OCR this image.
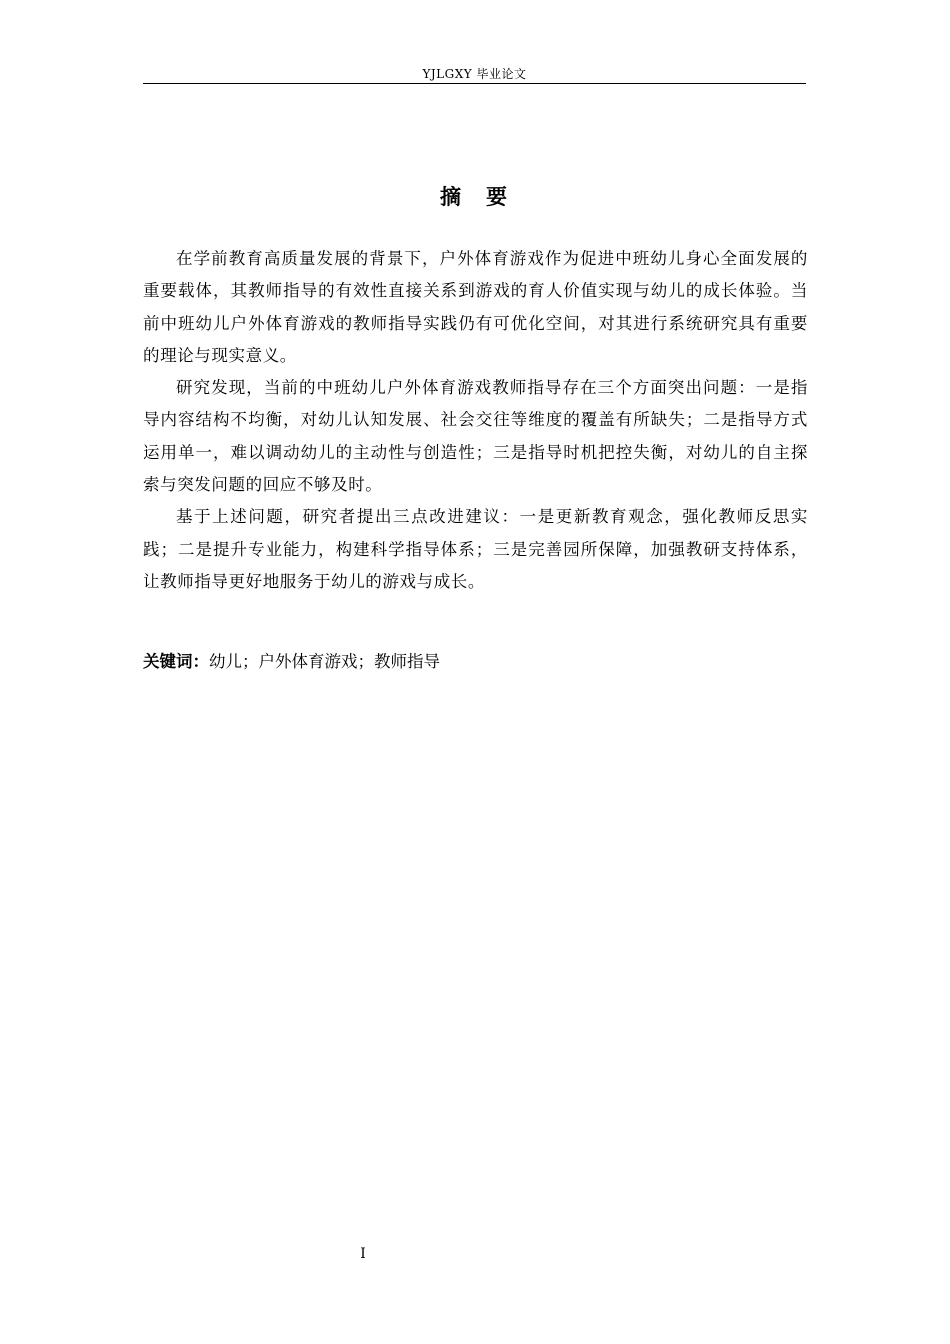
YJLGXY 毕业论文
摘　要

在学前教育高质量发展的背景下，户外体育游戏作为促进中班幼儿身心全面发展的重要载体，其教师指导的有效性直接关系到游戏的育人价值实现与幼儿的成长体验。当前中班幼儿户外体育游戏的教师指导实践仍有可优化空间，对其进行系统研究具有重要的理论与现实意义。

研究发现，当前的中班幼儿户外体育游戏教师指导存在三个方面突出问题：一是指导内容结构不均衡，对幼儿认知发展、社会交往等维度的覆盖有所缺失；二是指导方式运用单一，难以调动幼儿的主动性与创造性；三是指导时机把控失衡，对幼儿的自主探索与突发问题的回应不够及时。

基于上述问题，研究者提出三点改进建议：一是更新教育观念，强化教师反思实践；二是提升专业能力，构建科学指导体系；三是完善园所保障，加强教研支持体系，让教师指导更好地服务于幼儿的游戏与成长。

关键词：幼儿；户外体育游戏；教师指导
I
